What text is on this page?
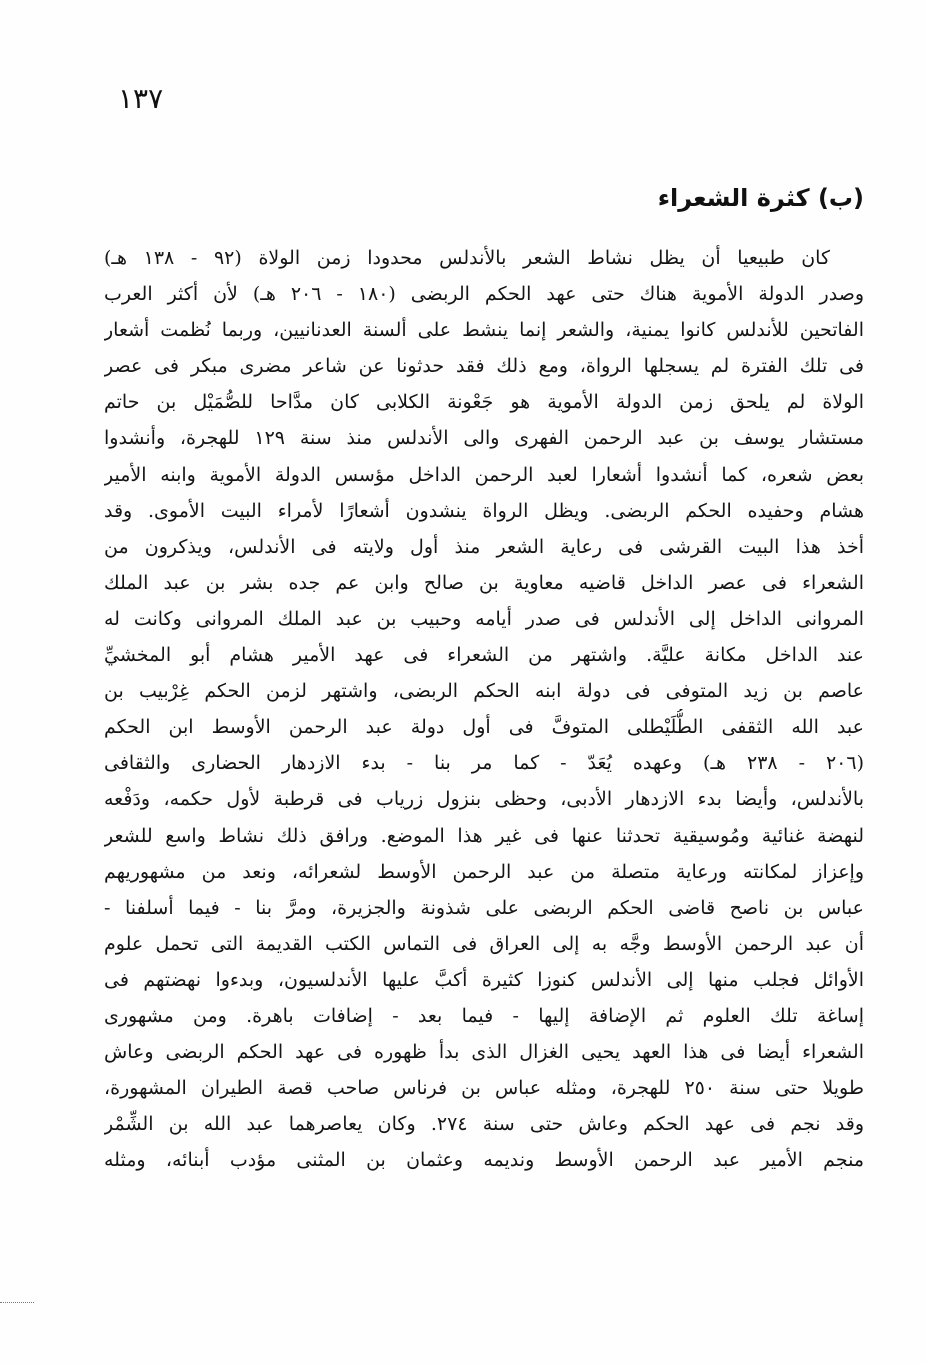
١٣٧
(ب) كثرة الشعراء
كان طبيعيا أن يظل نشاط الشعر بالأندلس محدودا زمن الولاة (٩٢ - ١٣٨ هـ)
وصدر الدولة الأموية هناك حتى عهد الحكم الربضى (١٨٠ - ٢٠٦ هـ) لأن أكثر العرب
الفاتحين للأندلس كانوا يمنية، والشعر إنما ينشط على ألسنة العدنانيين، وربما نُظمت أشعار
فى تلك الفترة لم يسجلها الرواة، ومع ذلك فقد حدثونا عن شاعر مضرى مبكر فى عصر
الولاة لم يلحق زمن الدولة الأموية هو جَعْونة الكلابى كان مدَّاحا للصُّمَيْل بن حاتم
مستشار يوسف بن عبد الرحمن الفهرى والى الأندلس منذ سنة ١٢٩ للهجرة، وأنشدوا
بعض شعره، كما أنشدوا أشعارا لعبد الرحمن الداخل مؤسس الدولة الأموية وابنه الأمير
هشام وحفيده الحكم الربضى. ويظل الرواة ينشدون أشعارًا لأمراء البيت الأموى. وقد
أخذ هذا البيت القرشى فى رعاية الشعر منذ أول ولايته فى الأندلس، ويذكرون من
الشعراء فى عصر الداخل قاضيه معاوية بن صالح وابن عم جده بشر بن عبد الملك
المروانى الداخل إلى الأندلس فى صدر أيامه وحبيب بن عبد الملك المروانى وكانت له
عند الداخل مكانة عليَّة. واشتهر من الشعراء فى عهد الأمير هشام أبو المخشيِّ
عاصم بن زيد المتوفى فى دولة ابنه الحكم الربضى، واشتهر لزمن الحكم غِرْبيب بن
عبد الله الثقفى الطُّلَيْطلى المتوفَّ فى أول دولة عبد الرحمن الأوسط ابن الحكم
(٢٠٦ - ٢٣٨ هـ) وعهده يُعَدّ - كما مر بنا - بدء الازدهار الحضارى والثقافى
بالأندلس، وأيضا بدء الازدهار الأدبى، وحظى بنزول زرياب فى قرطبة لأول حكمه، ودَفْعه
لنهضة غنائية ومُوسيقية تحدثنا عنها فى غير هذا الموضع. ورافق ذلك نشاط واسع للشعر
وإعزاز لمكانته ورعاية متصلة من عبد الرحمن الأوسط لشعرائه، ونعد من مشهوريهم
عباس بن ناصح قاضى الحكم الربضى على شذونة والجزيرة، ومرَّ بنا - فيما أسلفنا -
أن عبد الرحمن الأوسط وجَّه به إلى العراق فى التماس الكتب القديمة التى تحمل علوم
الأوائل فجلب منها إلى الأندلس كنوزا كثيرة أكبَّ عليها الأندلسيون، وبدءوا نهضتهم فى
إساغة تلك العلوم ثم الإضافة إليها - فيما بعد - إضافات باهرة. ومن مشهورى
الشعراء أيضا فى هذا العهد يحيى الغزال الذى بدأ ظهوره فى عهد الحكم الربضى وعاش
طويلا حتى سنة ٢٥٠ للهجرة، ومثله عباس بن فرناس صاحب قصة الطيران المشهورة،
وقد نجم فى عهد الحكم وعاش حتى سنة ٢٧٤. وكان يعاصرهما عبد الله بن الشِّمْر
منجم الأمير عبد الرحمن الأوسط ونديمه وعثمان بن المثنى مؤدب أبنائه، ومثله
